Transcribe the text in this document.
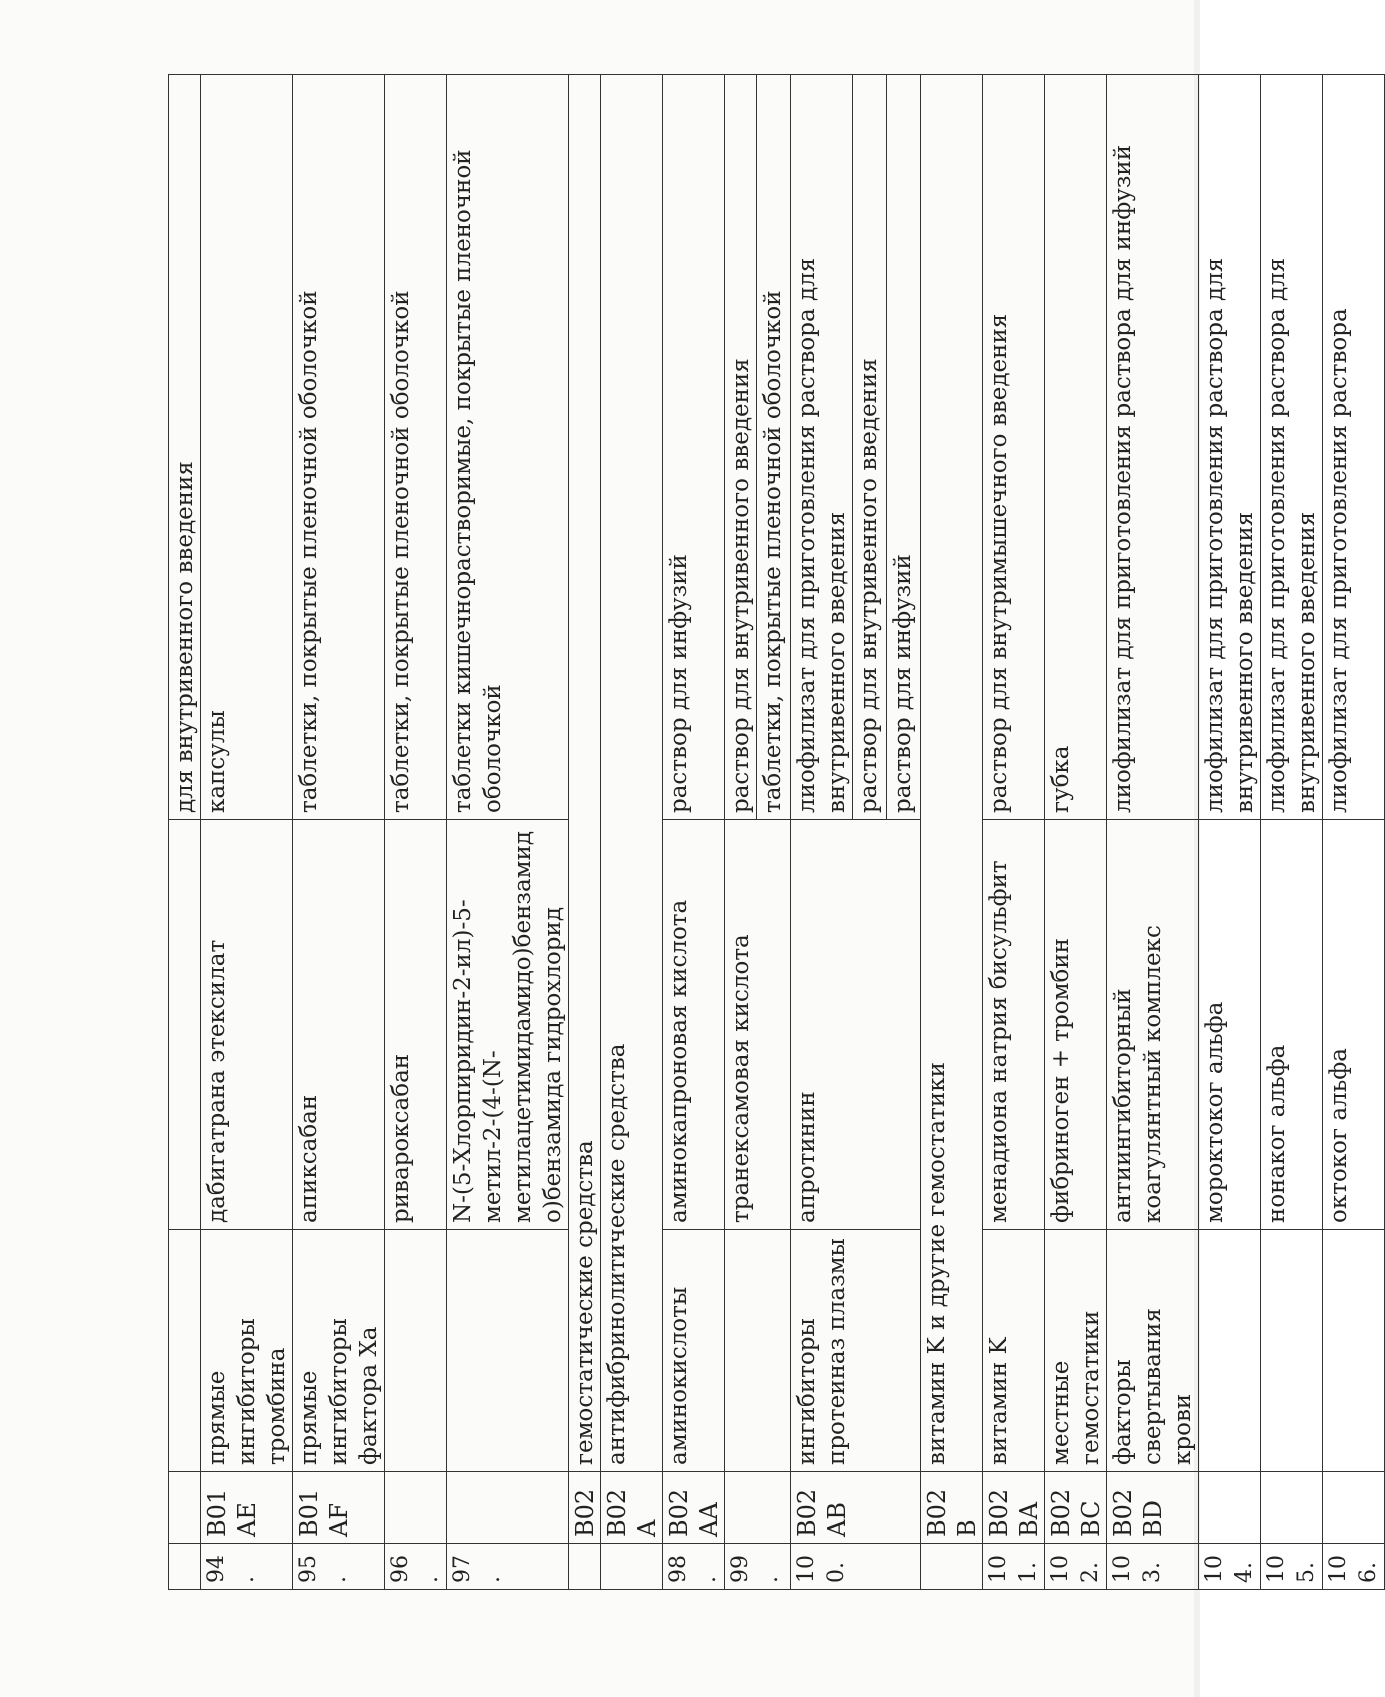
				для внутривенного введения
94.	B01AE	прямые ингибиторы тромбина	дабигатрана этексилат	капсулы
95.	B01AF	прямые ингибиторы фактора Xa	апиксабан	таблетки, покрытые пленочной оболочкой
96.			ривароксабан	таблетки, покрытые пленочной оболочкой
97.			N-(5-Хлорпиридин-2-ил)-5-метил-2-(4-(N-метилацетимидамидо)бензамидо)бензамида гидрохлорид	таблетки кишечнорастворимые, покрытые пленочной оболочкой
	B02	гемостатические средства		
	B02A	антифибринолитические средства		
98.	B02AA	аминокислоты	аминокапроновая кислота	раствор для инфузий
99.			транексамовая кислота	раствор для внутривенного введения
				таблетки, покрытые пленочной оболочкой
100.	B02AB	ингибиторы протеиназ плазмы	апротинин	лиофилизат для приготовления раствора для внутривенного введения
				раствор для внутривенного введения
				раствор для инфузий
	B02B	витамин K и другие гемостатики		
101.	B02BA	витамин K	менадиона натрия бисульфит	раствор для внутримышечного введения
102.	B02BC	местные гемостатики	фибриноген + тромбин	губка
103.	B02BD	факторы свертывания крови	антиингибиторный коагулянтный комплекс	лиофилизат для приготовления раствора для инфузий
104.			мороктоког альфа	лиофилизат для приготовления раствора для внутривенного введения
105.			нонаког альфа	лиофилизат для приготовления раствора для внутривенного введения
106.			октоког альфа	лиофилизат для приготовления раствора
